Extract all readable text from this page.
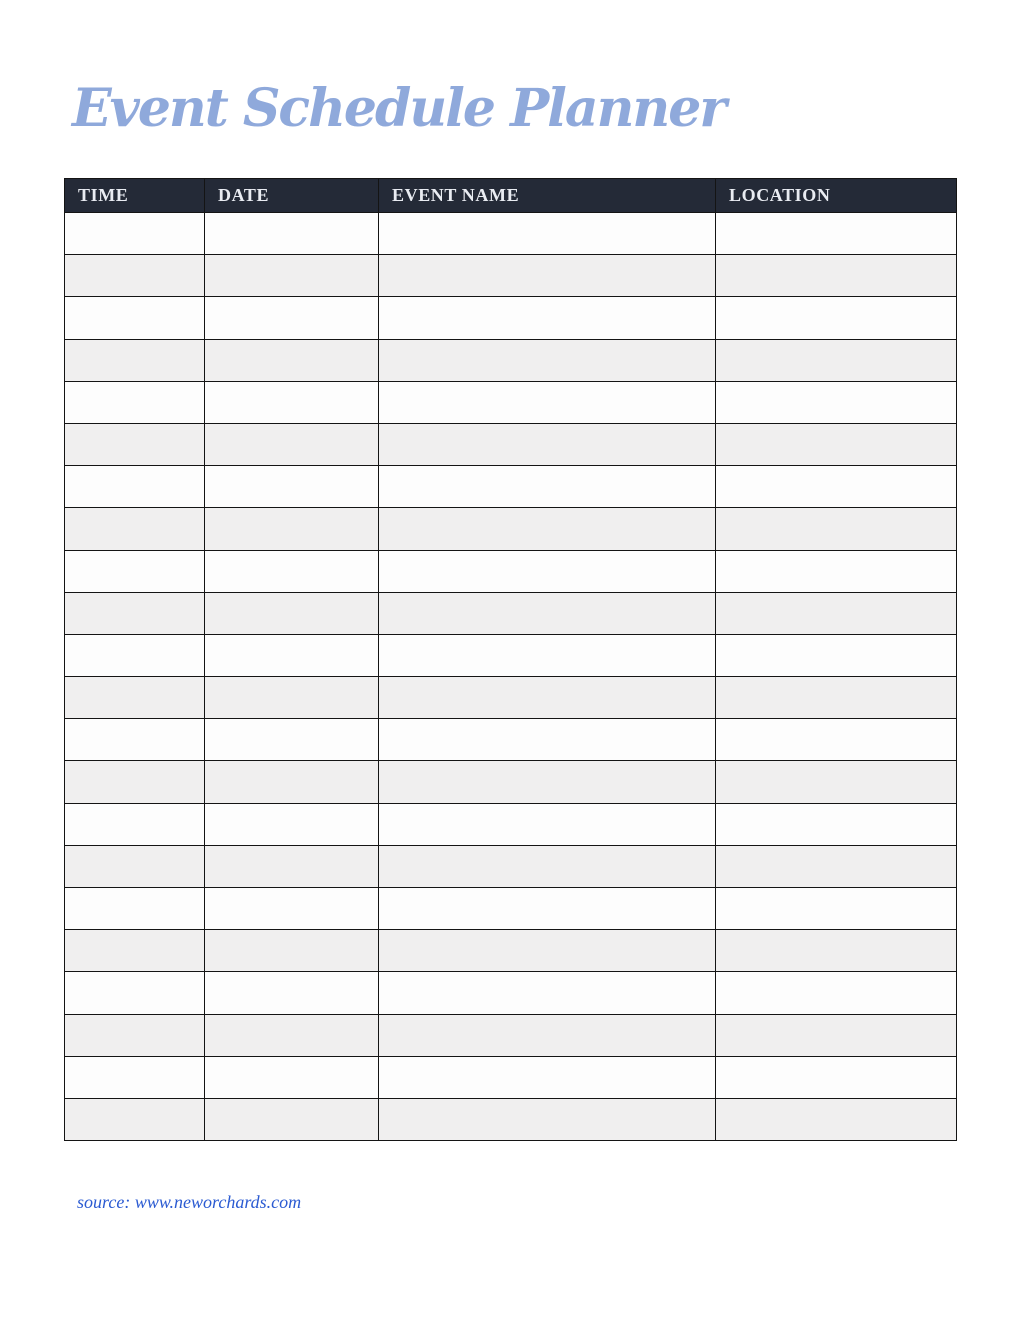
Event Schedule Planner
TIME	DATE	EVENT NAME	LOCATION

source: www.neworchards.com
